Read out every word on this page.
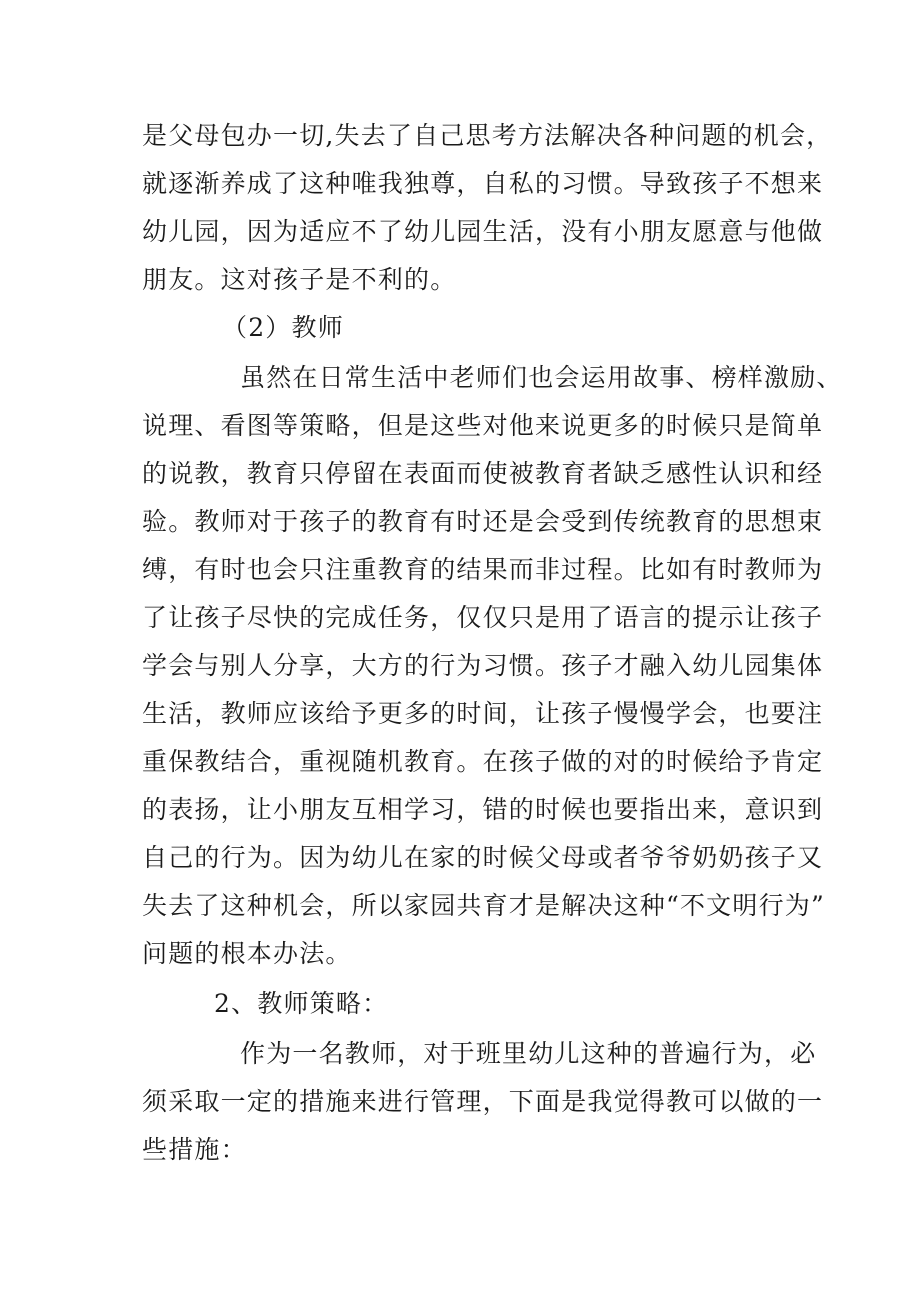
是父母包办一切,失去了自己思考方法解决各种问题的机会，
就逐渐养成了这种唯我独尊，自私的习惯。导致孩子不想来
幼儿园，因为适应不了幼儿园生活，没有小朋友愿意与他做
朋友。这对孩子是不利的。
（2）教师
虽然在日常生活中老师们也会运用故事、榜样激励、
说理、看图等策略，但是这些对他来说更多的时候只是简单
的说教，教育只停留在表面而使被教育者缺乏感性认识和经
验。教师对于孩子的教育有时还是会受到传统教育的思想束
缚，有时也会只注重教育的结果而非过程。比如有时教师为
了让孩子尽快的完成任务，仅仅只是用了语言的提示让孩子
学会与别人分享，大方的行为习惯。孩子才融入幼儿园集体
生活，教师应该给予更多的时间，让孩子慢慢学会，也要注
重保教结合，重视随机教育。在孩子做的对的时候给予肯定
的表扬，让小朋友互相学习，错的时候也要指出来，意识到
自己的行为。因为幼儿在家的时候父母或者爷爷奶奶孩子又
失去了这种机会，所以家园共育才是解决这种“不文明行为”
问题的根本办法。
2、教师策略：
作为一名教师，对于班里幼儿这种的普遍行为，必
须采取一定的措施来进行管理，下面是我觉得教可以做的一
些措施：
